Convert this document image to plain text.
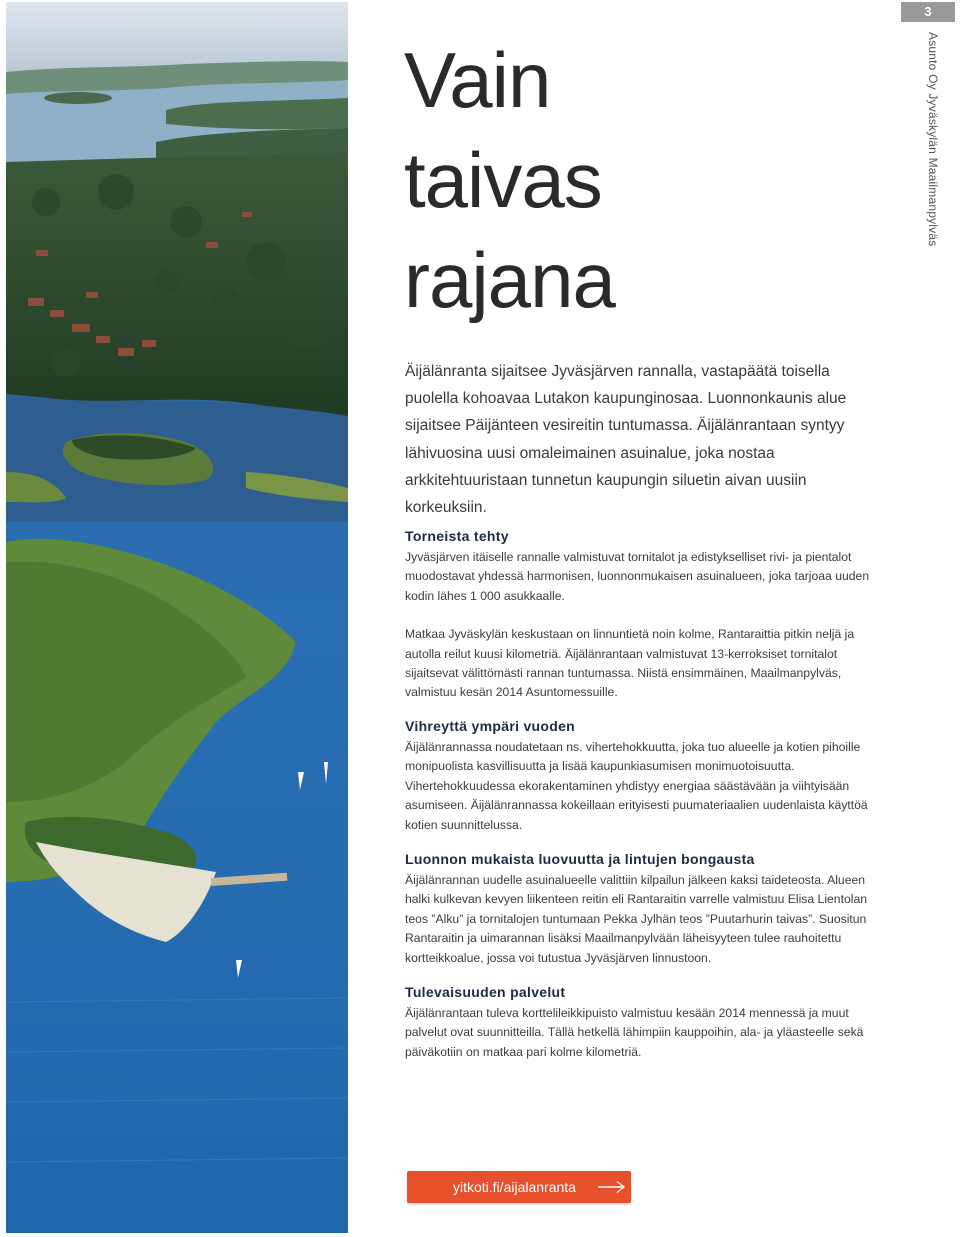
3
Asunto Oy Jyväskylän Maailmanpylväs
Vain
taivas
rajana

Äijälänranta sijaitsee Jyväsjärven rannalla, vastapäätä toisella puolella kohoavaa Lutakon kaupunginosaa. Luonnonkaunis alue sijaitsee Päijänteen vesireitin tuntumassa. Äijälänrantaan syntyy lähivuosina uusi omaleimainen asuinalue, joka nostaa arkkitehtuuristaan tunnetun kaupungin siluetin aivan uusiin korkeuksiin.

Torneista tehty

Jyväsjärven itäiselle rannalle valmistuvat tornitalot ja edistykselliset rivi- ja pientalot muodostavat yhdessä harmonisen, luonnonmukaisen asuinalueen, joka tarjoaa uuden kodin lähes 1 000 asukkaalle.

Matkaa Jyväskylän keskustaan on linnuntietä noin kolme, Rantaraittia pitkin neljä ja autolla reilut kuusi kilometriä. Äijälänrantaan valmistuvat 13-kerroksiset tornitalot sijaitsevat välittömästi rannan tuntumassa. Niistä ensimmäinen, Maailmanpylväs, valmistuu kesän 2014 Asuntomessuille.

Vihreyttä ympäri vuoden

Äijälänrannassa noudatetaan ns. vihertehokkuutta, joka tuo alueelle ja kotien pihoille monipuolista kasvillisuutta ja lisää kaupunkiasumisen monimuotoisuutta. Vihertehokkuudessa ekorakentaminen yhdistyy energiaa säästävään ja viihtyisään asumiseen. Äijälänrannassa kokeillaan erityisesti puumateriaalien uudenlaista käyttöä kotien suunnittelussa.

Luonnon mukaista luovuutta ja lintujen bongausta

Äijälänrannan uudelle asuinalueelle valittiin kilpailun jälkeen kaksi taideteosta. Alueen halki kulkevan kevyen liikenteen reitin eli Rantaraitin varrelle valmistuu Elisa Lientolan teos ”Alku” ja tornitalojen tuntumaan Pekka Jylhän teos ”Puutarhurin taivas”. Suositun Rantaraitin ja uimarannan lisäksi Maailmanpylvään läheisyyteen tulee rauhoitettu kortteikkoalue, jossa voi tutustua Jyväsjärven linnustoon.

Tulevaisuuden palvelut

Äijälänrantaan tuleva korttelileikkipuisto valmistuu kesään 2014 mennessä ja muut palvelut ovat suunnitteilla. Tällä hetkellä lähimpiin kauppoihin, ala- ja yläasteelle sekä päiväkotiin on matkaa pari kolme kilometriä.

yitkoti.fi/aijalanranta
